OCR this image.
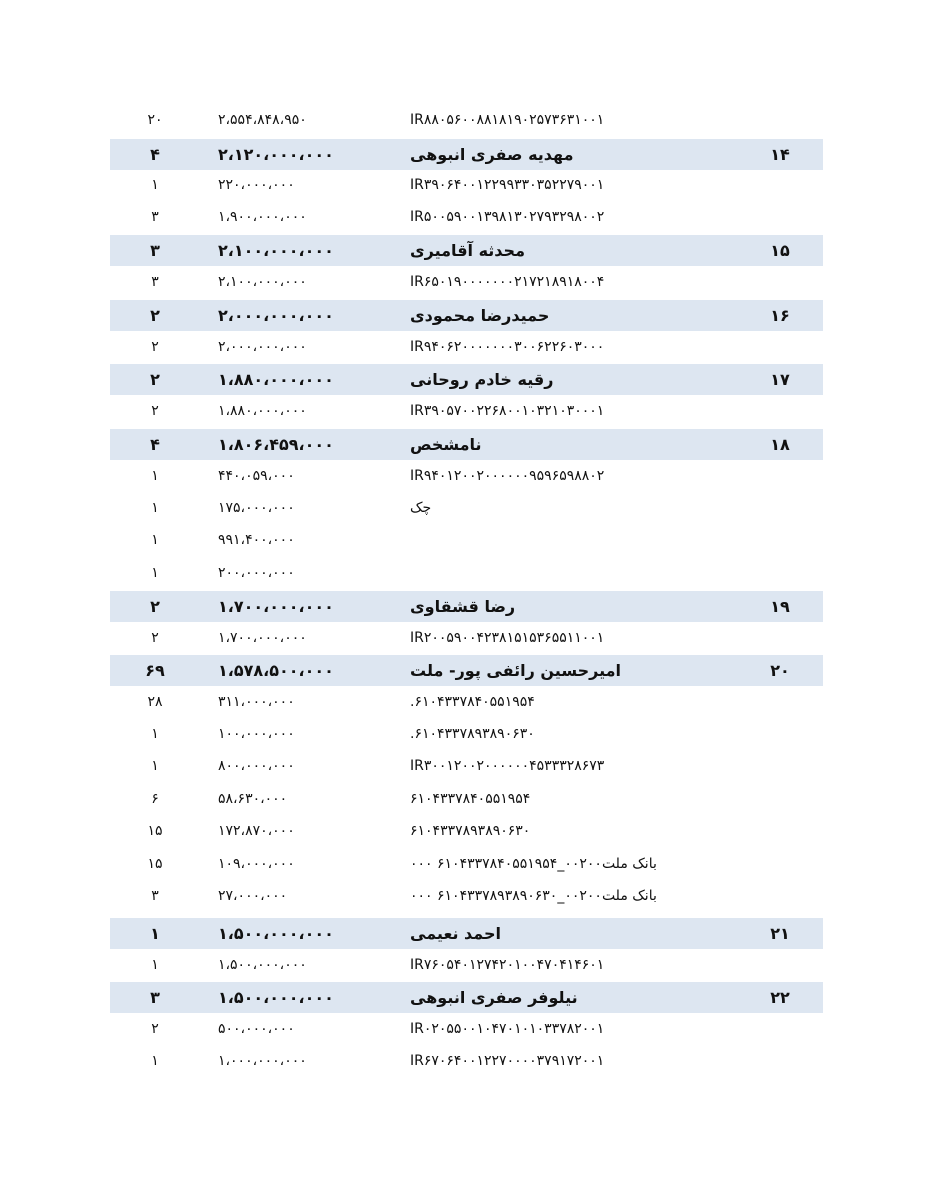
۲۰	۲،۵۵۴،۸۴۸،۹۵۰	IR۸۸۰۵۶۰۰۸۸۱۸۱۹۰۲۵۷۳۶۳۱۰۰۱
۴	۲،۱۲۰،۰۰۰،۰۰۰	مهدیه صفری انبوهی	۱۴
۱	۲۲۰،۰۰۰،۰۰۰	IR۳۹۰۶۴۰۰۱۲۲۹۹۳۳۰۳۵۲۲۷۹۰۰۱
۳	۱،۹۰۰،۰۰۰،۰۰۰	IR۵۰۰۵۹۰۰۱۳۹۸۱۳۰۲۷۹۳۲۹۸۰۰۲
۳	۲،۱۰۰،۰۰۰،۰۰۰	محدثه آقامیری	۱۵
۳	۲،۱۰۰،۰۰۰،۰۰۰	IR۶۵۰۱۹۰۰۰۰۰۰۰۲۱۷۲۱۸۹۱۸۰۰۴
۲	۲،۰۰۰،۰۰۰،۰۰۰	حمیدرضا محمودی	۱۶
۲	۲،۰۰۰،۰۰۰،۰۰۰	IR۹۴۰۶۲۰۰۰۰۰۰۰۳۰۰۶۲۲۶۰۳۰۰۰
۲	۱،۸۸۰،۰۰۰،۰۰۰	رقیه خادم روحانی	۱۷
۲	۱،۸۸۰،۰۰۰،۰۰۰	IR۳۹۰۵۷۰۰۲۲۶۸۰۰۱۰۳۲۱۰۳۰۰۰۱
۴	۱،۸۰۶،۴۵۹،۰۰۰	نامشخص	۱۸
۱	۴۴۰،۰۵۹،۰۰۰	IR۹۴۰۱۲۰۰۲۰۰۰۰۰۰۹۵۹۶۵۹۸۸۰۲
۱	۱۷۵،۰۰۰،۰۰۰	چک
۱	۹۹۱،۴۰۰،۰۰۰
۱	۲۰۰،۰۰۰،۰۰۰
۲	۱،۷۰۰،۰۰۰،۰۰۰	رضا قشقاوی	۱۹
۲	۱،۷۰۰،۰۰۰،۰۰۰	IR۲۰۰۵۹۰۰۴۲۳۸۱۵۱۵۳۶۵۵۱۱۰۰۱
۶۹	۱،۵۷۸،۵۰۰،۰۰۰	امیرحسین رائفی پور- ملت	۲۰
۲۸	۳۱۱،۰۰۰،۰۰۰	۶۱۰۴۳۳۷۸۴۰۵۵۱۹۵۴.
۱	۱۰۰،۰۰۰،۰۰۰	۶۱۰۴۳۳۷۸۹۳۸۹۰۶۳۰.
۱	۸۰۰،۰۰۰،۰۰۰	IR۳۰۰۱۲۰۰۲۰۰۰۰۰۰۴۵۳۳۳۲۸۶۷۳
۶	۵۸،۶۳۰،۰۰۰	۶۱۰۴۳۳۷۸۴۰۵۵۱۹۵۴
۱۵	۱۷۲،۸۷۰،۰۰۰	۶۱۰۴۳۳۷۸۹۳۸۹۰۶۳۰
۱۵	۱۰۹،۰۰۰،۰۰۰	بانک ملت۰۰۲۰۰_۶۱۰۴۳۳۷۸۴۰۵۵۱۹۵۴ ۰۰۰
۳	۲۷،۰۰۰،۰۰۰	بانک ملت۰۰۲۰۰_۶۱۰۴۳۳۷۸۹۳۸۹۰۶۳۰ ۰۰۰
۱	۱،۵۰۰،۰۰۰،۰۰۰	احمد نعیمی	۲۱
۱	۱،۵۰۰،۰۰۰،۰۰۰	IR۷۶۰۵۴۰۱۲۷۴۲۰۱۰۰۴۷۰۴۱۴۶۰۱
۳	۱،۵۰۰،۰۰۰،۰۰۰	نیلوفر صفری انبوهی	۲۲
۲	۵۰۰،۰۰۰،۰۰۰	IR۰۲۰۵۵۰۰۱۰۴۷۰۱۰۱۰۳۳۷۸۲۰۰۱
۱	۱،۰۰۰،۰۰۰،۰۰۰	IR۶۷۰۶۴۰۰۱۲۲۷۰۰۰۰۳۷۹۱۷۲۰۰۱
